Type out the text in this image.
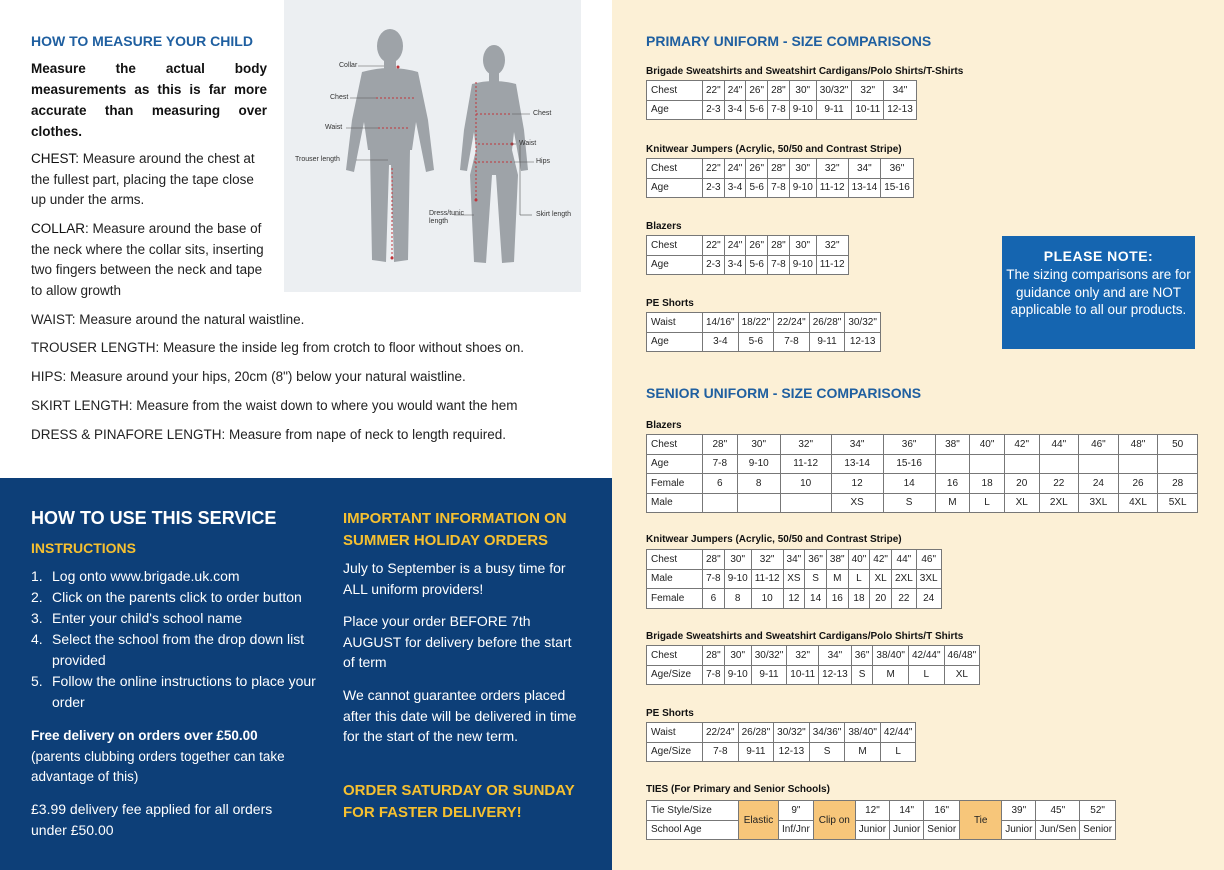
HOW TO MEASURE YOUR CHILD
Measure the actual body measurements as this is far more accurate than measuring over clothes.
CHEST: Measure around the chest at the fullest part, placing the tape close up under the arms.
COLLAR: Measure around the base of the neck where the collar sits, inserting two fingers between the neck and tape to allow growth
WAIST: Measure around the natural waistline.
TROUSER LENGTH: Measure the inside leg from crotch to floor without shoes on.
HIPS: Measure around your hips, 20cm (8") below your natural waistline.
SKIRT LENGTH: Measure from the waist down to where you would want the hem
DRESS & PINAFORE LENGTH: Measure from nape of neck to length required.
Collar
Chest
Waist
Trouser length
Chest
Waist
Hips
Dress/tunic length
Skirt length
HOW TO USE THIS SERVICE
INSTRUCTIONS
1. Log onto www.brigade.uk.com
2. Click on the parents click to order button
3. Enter your child's school name
4. Select the school from the drop down list provided
5. Follow the online instructions to place your order
Free delivery on orders over £50.00
(parents clubbing orders together can take advantage of this)
£3.99 delivery fee applied for all orders under £50.00
IMPORTANT INFORMATION ON SUMMER HOLIDAY ORDERS
July to September is a busy time for ALL uniform providers!
Place your order BEFORE 7th AUGUST for delivery before the start of term
We cannot guarantee orders placed after this date will be delivered in time for the start of the new term.
ORDER SATURDAY OR SUNDAY FOR FASTER DELIVERY!
PRIMARY UNIFORM - SIZE COMPARISONS
Brigade Sweatshirts and Sweatshirt Cardigans/Polo Shirts/T-Shirts
Chest	22"	24"	26"	28"	30"	30/32"	32"	34"
Age	2-3	3-4	5-6	7-8	9-10	9-11	10-11	12-13
Knitwear Jumpers (Acrylic, 50/50 and Contrast Stripe)
Chest	22"	24"	26"	28"	30"	32"	34"	36"
Age	2-3	3-4	5-6	7-8	9-10	11-12	13-14	15-16
Blazers
Chest	22"	24"	26"	28"	30"	32"
Age	2-3	3-4	5-6	7-8	9-10	11-12
PE Shorts
Waist	14/16"	18/22"	22/24"	26/28"	30/32"
Age	3-4	5-6	7-8	9-11	12-13
PLEASE NOTE:
The sizing comparisons are for guidance only and are NOT applicable to all our products.
SENIOR UNIFORM - SIZE COMPARISONS
Blazers
Chest	28"	30"	32"	34"	36"	38"	40"	42"	44"	46"	48"	50
Age	7-8	9-10	11-12	13-14	15-16							
Female	6	8	10	12	14	16	18	20	22	24	26	28
Male				XS	S	M	L	XL	2XL	3XL	4XL	5XL
Knitwear Jumpers (Acrylic, 50/50 and Contrast Stripe)
Chest	28"	30"	32"	34"	36"	38"	40"	42"	44"	46"
Male	7-8	9-10	11-12	XS	S	M	L	XL	2XL	3XL
Female	6	8	10	12	14	16	18	20	22	24
Brigade Sweatshirts and Sweatshirt Cardigans/Polo Shirts/T Shirts
Chest	28"	30"	30/32"	32"	34"	36"	38/40"	42/44"	46/48"
Age/Size	7-8	9-10	9-11	10-11	12-13	S	M	L	XL
PE Shorts
Waist	22/24"	26/28"	30/32"	34/36"	38/40"	42/44"
Age/Size	7-8	9-11	12-13	S	M	L
TIES (For Primary and Senior Schools)
Tie Style/Size	Elastic	9"	Clip on	12"	14"	16"	Tie	39"	45"	52"
School Age		Inf/Jnr		Junior	Junior	Senior		Junior	Jun/Sen	Senior
